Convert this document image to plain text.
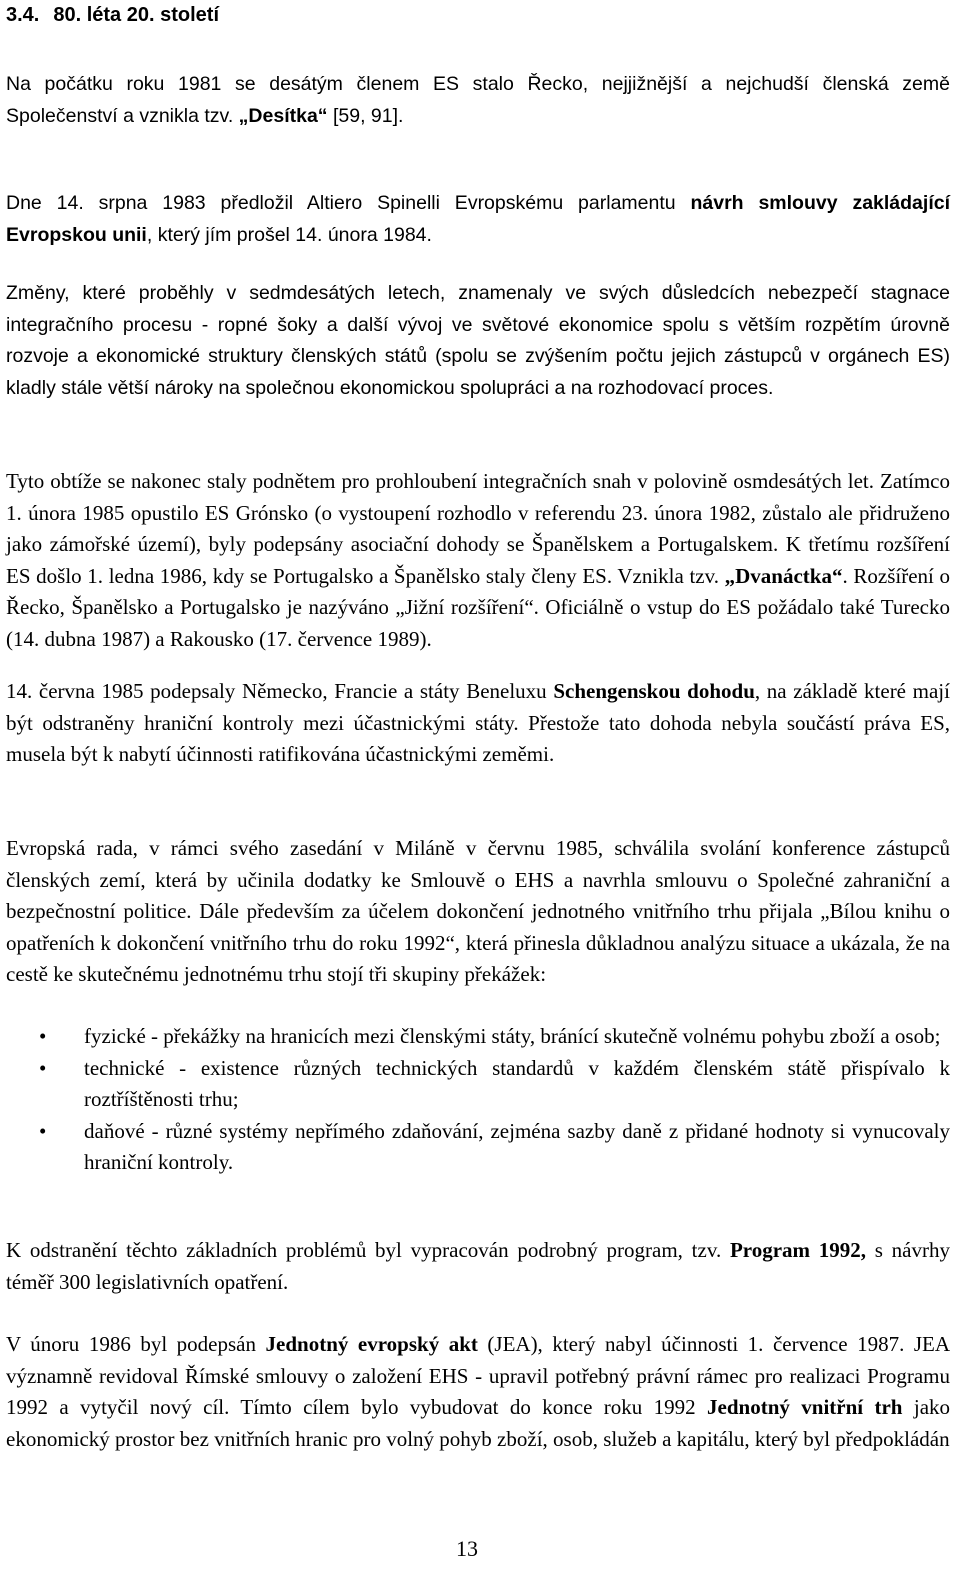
3.4. 80. léta 20. století

Na počátku roku 1981 se desátým členem ES stalo Řecko, nejjižnější a nejchudší členská země Společenství a vznikla tzv. „Desítka“ [59, 91].

Dne 14. srpna 1983 předložil Altiero Spinelli Evropskému parlamentu návrh smlouvy zakládající Evropskou unii, který jím prošel 14. února 1984.

Změny, které proběhly v sedmdesátých letech, znamenaly ve svých důsledcích nebezpečí stagnace integračního procesu - ropné šoky a další vývoj ve světové ekonomice spolu s větším rozpětím úrovně rozvoje a ekonomické struktury členských států (spolu se zvýšením počtu jejich zástupců v orgánech ES) kladly stále větší nároky na společnou ekonomickou spolupráci a na rozhodovací proces.

Tyto obtíže se nakonec staly podnětem pro prohloubení integračních snah v polovině osmdesátých let. Zatímco 1. února 1985 opustilo ES Grónsko (o vystoupení rozhodlo v referendu 23. února 1982, zůstalo ale přidruženo jako zámořské území), byly podepsány asociační dohody se Španělskem a Portugalskem. K třetímu rozšíření ES došlo 1. ledna 1986, kdy se Portugalsko a Španělsko staly členy ES. Vznikla tzv. „Dvanáctka“. Rozšíření o Řecko, Španělsko a Portugalsko je nazýváno „Jižní rozšíření“. Oficiálně o vstup do ES požádalo také Turecko (14. dubna 1987) a Rakousko (17. července 1989).

14. června 1985 podepsaly Německo, Francie a státy Beneluxu Schengenskou dohodu, na základě které mají být odstraněny hraniční kontroly mezi účastnickými státy. Přestože tato dohoda nebyla součástí práva ES, musela být k nabytí účinnosti ratifikována účastnickými zeměmi.

Evropská rada, v rámci svého zasedání v Miláně v červnu 1985, schválila svolání konference zástupců členských zemí, která by učinila dodatky ke Smlouvě o EHS a navrhla smlouvu o Společné zahraniční a bezpečnostní politice. Dále především za účelem dokončení jednotného vnitřního trhu přijala „Bílou knihu o opatřeních k dokončení vnitřního trhu do roku 1992“, která přinesla důkladnou analýzu situace a ukázala, že na cestě ke skutečnému jednotnému trhu stojí tři skupiny překážek:

• fyzické - překážky na hranicích mezi členskými státy, bránící skutečně volnému pohybu zboží a osob;
• technické - existence různých technických standardů v každém členském státě přispívalo k roztříštěnosti trhu;
• daňové - různé systémy nepřímého zdaňování, zejména sazby daně z přidané hodnoty si vynucovaly hraniční kontroly.

K odstranění těchto základních problémů byl vypracován podrobný program, tzv. Program 1992, s návrhy téměř 300 legislativních opatření.

V únoru 1986 byl podepsán Jednotný evropský akt (JEA), který nabyl účinnosti 1. července 1987. JEA významně revidoval Římské smlouvy o založení EHS - upravil potřebný právní rámec pro realizaci Programu 1992 a vytyčil nový cíl. Tímto cílem bylo vybudovat do konce roku 1992 Jednotný vnitřní trh jako ekonomický prostor bez vnitřních hranic pro volný pohyb zboží, osob, služeb a kapitálu, který byl předpokládán

13
